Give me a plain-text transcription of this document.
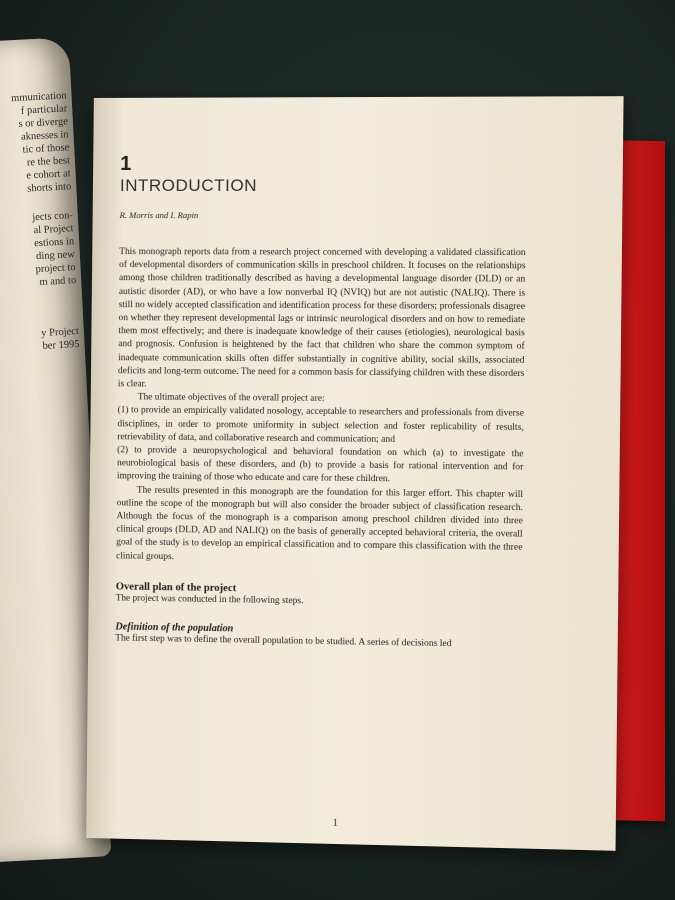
mmunication
f particular
s or diverge
aknesses in
tic of those
re the best
e cohort at
shorts into
jects con-
al Project
estions in
ding new
project to
m and to
y Project
ber 1995
1
INTRODUCTION

R. Morris and I. Rapin

This monograph reports data from a research project concerned with developing a validated classification of developmental disorders of communication skills in preschool children. It focuses on the relationships among those children traditionally described as having a developmental language disorder (DLD) or an autistic disorder (AD), or who have a low nonverbal IQ (NVIQ) but are not autistic (NALIQ). There is still no widely accepted classification and identification process for these disorders; professionals disagree on whether they represent developmental lags or intrinsic neurological disorders and on how to remediate them most effectively; and there is inadequate knowledge of their causes (etiologies), neurological basis and prognosis. Confusion is heightened by the fact that children who share the common symptom of inadequate communication skills often differ substantially in cognitive ability, social skills, associated deficits and long-term outcome. The need for a common basis for classifying children with these disorders is clear.

The ultimate objectives of the overall project are:

(1) to provide an empirically validated nosology, acceptable to researchers and professionals from diverse disciplines, in order to promote uniformity in subject selection and foster replicability of results, retrievability of data, and collaborative research and communication; and

(2) to provide a neuropsychological and behavioral foundation on which (a) to investigate the neurobiological basis of these disorders, and (b) to provide a basis for rational intervention and for improving the training of those who educate and care for these children.

The results presented in this monograph are the foundation for this larger effort. This chapter will outline the scope of the monograph but will also consider the broader subject of classification research. Although the focus of the monograph is a comparison among preschool children divided into three clinical groups (DLD, AD and NALIQ) on the basis of generally accepted behavioral criteria, the overall goal of the study is to develop an empirical classification and to compare this classification with the three clinical groups.

Overall plan of the project

The project was conducted in the following steps.

Definition of the population

The first step was to define the overall population to be studied. A series of decisions led

1
